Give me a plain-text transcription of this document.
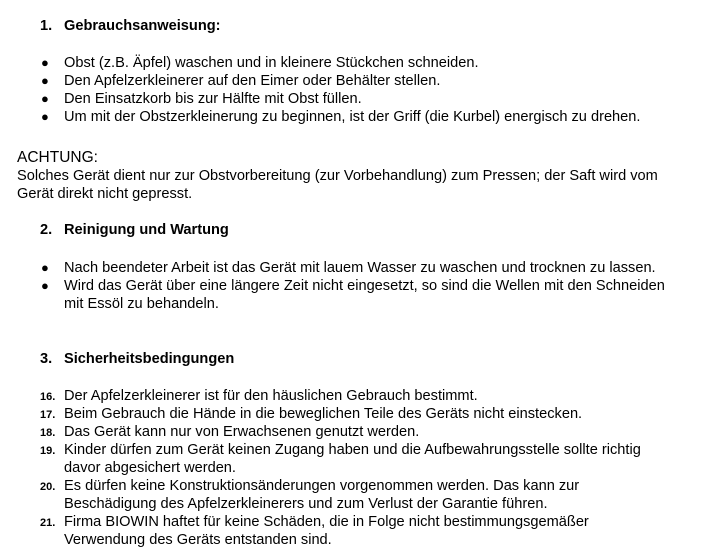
1. Gebrauchsanweisung:
● Obst (z.B. Äpfel) waschen und in kleinere Stückchen schneiden.
● Den Apfelzerkleinerer auf den Eimer oder Behälter stellen.
● Den Einsatzkorb bis zur Hälfte mit Obst füllen.
● Um mit der Obstzerkleinerung zu beginnen, ist der Griff (die Kurbel) energisch zu drehen.
ACHTUNG:
Solches Gerät dient nur zur Obstvorbereitung (zur Vorbehandlung) zum Pressen; der Saft wird vom Gerät direkt nicht gepresst.
2. Reinigung und Wartung
● Nach beendeter Arbeit ist das Gerät mit lauem Wasser zu waschen und trocknen zu lassen.
● Wird das Gerät über eine längere Zeit nicht eingesetzt, so sind die Wellen mit den Schneiden mit Essöl zu behandeln.
3. Sicherheitsbedingungen
16. Der Apfelzerkleinerer ist für den häuslichen Gebrauch bestimmt.
17. Beim Gebrauch die Hände in die beweglichen Teile des Geräts nicht einstecken.
18. Das Gerät kann nur von Erwachsenen genutzt werden.
19. Kinder dürfen zum Gerät keinen Zugang haben und die Aufbewahrungsstelle sollte richtig davor abgesichert werden.
20. Es dürfen keine Konstruktionsänderungen vorgenommen werden. Das kann zur Beschädigung des Apfelzerkleinerers und zum Verlust der Garantie führen.
21. Firma BIOWIN haftet für keine Schäden, die in Folge nicht bestimmungsgemäßer Verwendung des Geräts entstanden sind.
